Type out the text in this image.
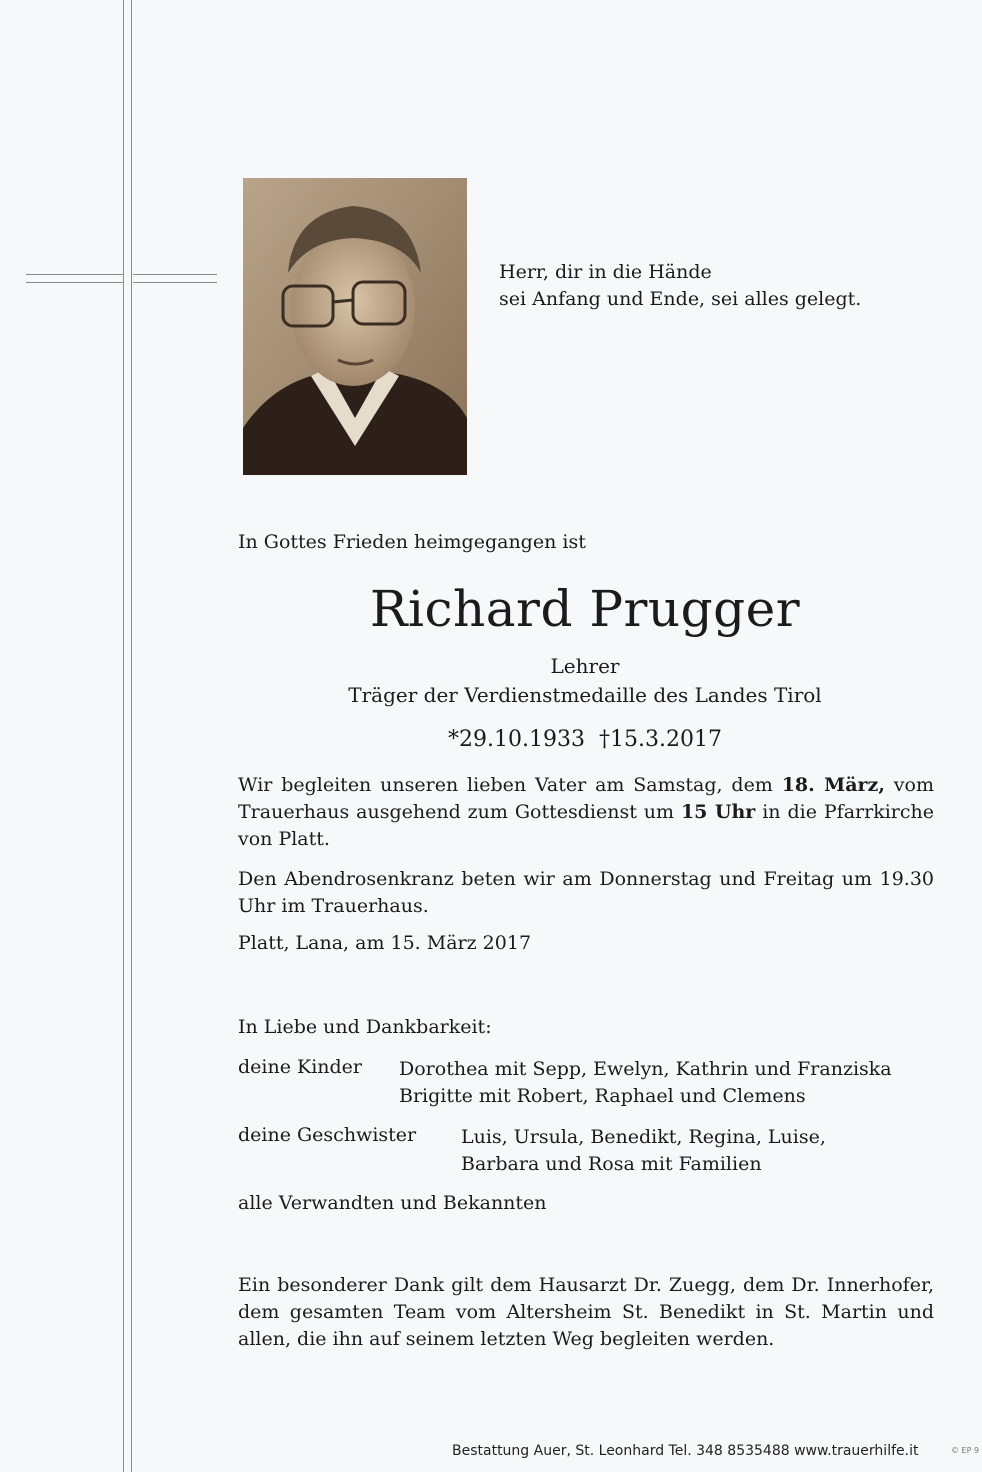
Herr, dir in die Hände
sei Anfang und Ende, sei alles gelegt.
In Gottes Frieden heimgegangen ist
Richard Prugger
Lehrer
Träger der Verdienstmedaille des Landes Tirol
*29.10.1933 †15.3.2017
Wir begleiten unseren lieben Vater am Samstag, dem 18. März, vom Trauerhaus ausgehend zum Gottesdienst um 15 Uhr in die Pfarrkirche von Platt.
Den Abendrosenkranz beten wir am Donnerstag und Freitag um 19.30 Uhr im Trauerhaus.
Platt, Lana, am 15. März 2017
In Liebe und Dankbarkeit:
deine Kinder Dorothea mit Sepp, Ewelyn, Kathrin und Franziska
Brigitte mit Robert, Raphael und Clemens
deine Geschwister Luis, Ursula, Benedikt, Regina, Luise,
Barbara und Rosa mit Familien
alle Verwandten und Bekannten
Ein besonderer Dank gilt dem Hausarzt Dr. Zuegg, dem Dr. Innerhofer, dem gesamten Team vom Altersheim St. Benedikt in St. Martin und allen, die ihn auf seinem letzten Weg begleiten werden.
Bestattung Auer, St. Leonhard Tel. 348 8535488 www.trauerhilfe.it	© EP 9
